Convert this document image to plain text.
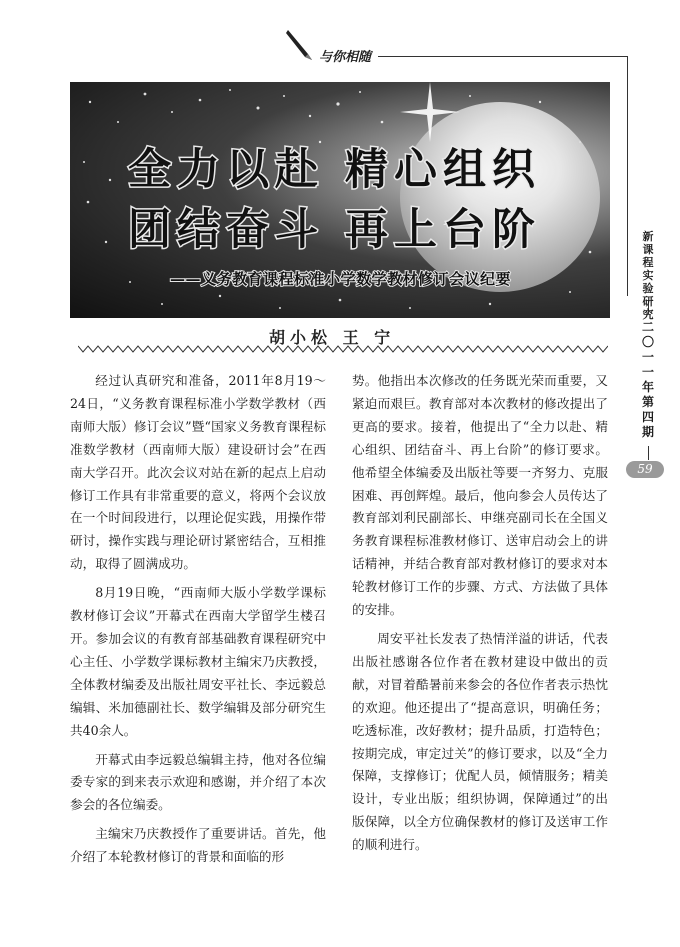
与你相随
全力以赴 精心组织
团结奋斗 再上台阶
——义务教育课程标准小学数学教材修订会议纪要
胡小松 王 宁

经过认真研究和准备，2011年8月19～24日，“义务教育课程标准小学数学教材（西南师大版）修订会议”暨“国家义务教育课程标准数学教材（西南师大版）建设研讨会”在西南大学召开。此次会议对站在新的起点上启动修订工作具有非常重要的意义，将两个会议放在一个时间段进行，以理论促实践，用操作带研讨，操作实践与理论研讨紧密结合，互相推动，取得了圆满成功。

8月19日晚，“西南师大版小学数学课标教材修订会议”开幕式在西南大学留学生楼召开。参加会议的有教育部基础教育课程研究中心主任、小学数学课标教材主编宋乃庆教授，全体教材编委及出版社周安平社长、李远毅总编辑、米加德副社长、数学编辑及部分研究生共40余人。

开幕式由李远毅总编辑主持，他对各位编委专家的到来表示欢迎和感谢，并介绍了本次参会的各位编委。

主编宋乃庆教授作了重要讲话。首先，他介绍了本轮教材修订的背景和面临的形

势。他指出本次修改的任务既光荣而重要，又紧迫而艰巨。教育部对本次教材的修改提出了更高的要求。接着，他提出了“全力以赴、精心组织、团结奋斗、再上台阶”的修订要求。他希望全体编委及出版社等要一齐努力、克服困难、再创辉煌。最后，他向参会人员传达了教育部刘利民副部长、申继亮副司长在全国义务教育课程标准教材修订、送审启动会上的讲话精神，并结合教育部对教材修订的要求对本轮教材修订工作的步骤、方式、方法做了具体的安排。

周安平社长发表了热情洋溢的讲话，代表出版社感谢各位作者在教材建设中做出的贡献，对冒着酷暑前来参会的各位作者表示热忱的欢迎。他还提出了“提高意识，明确任务；吃透标准，改好教材；提升品质，打造特色；按期完成，审定过关”的修订要求，以及“全力保障，支撑修订；优配人员，倾情服务；精美设计，专业出版；组织协调，保障通过”的出版保障，以全方位确保教材的修订及送审工作的顺利进行。

新课程实验研究
二〇一一年第四期
59
